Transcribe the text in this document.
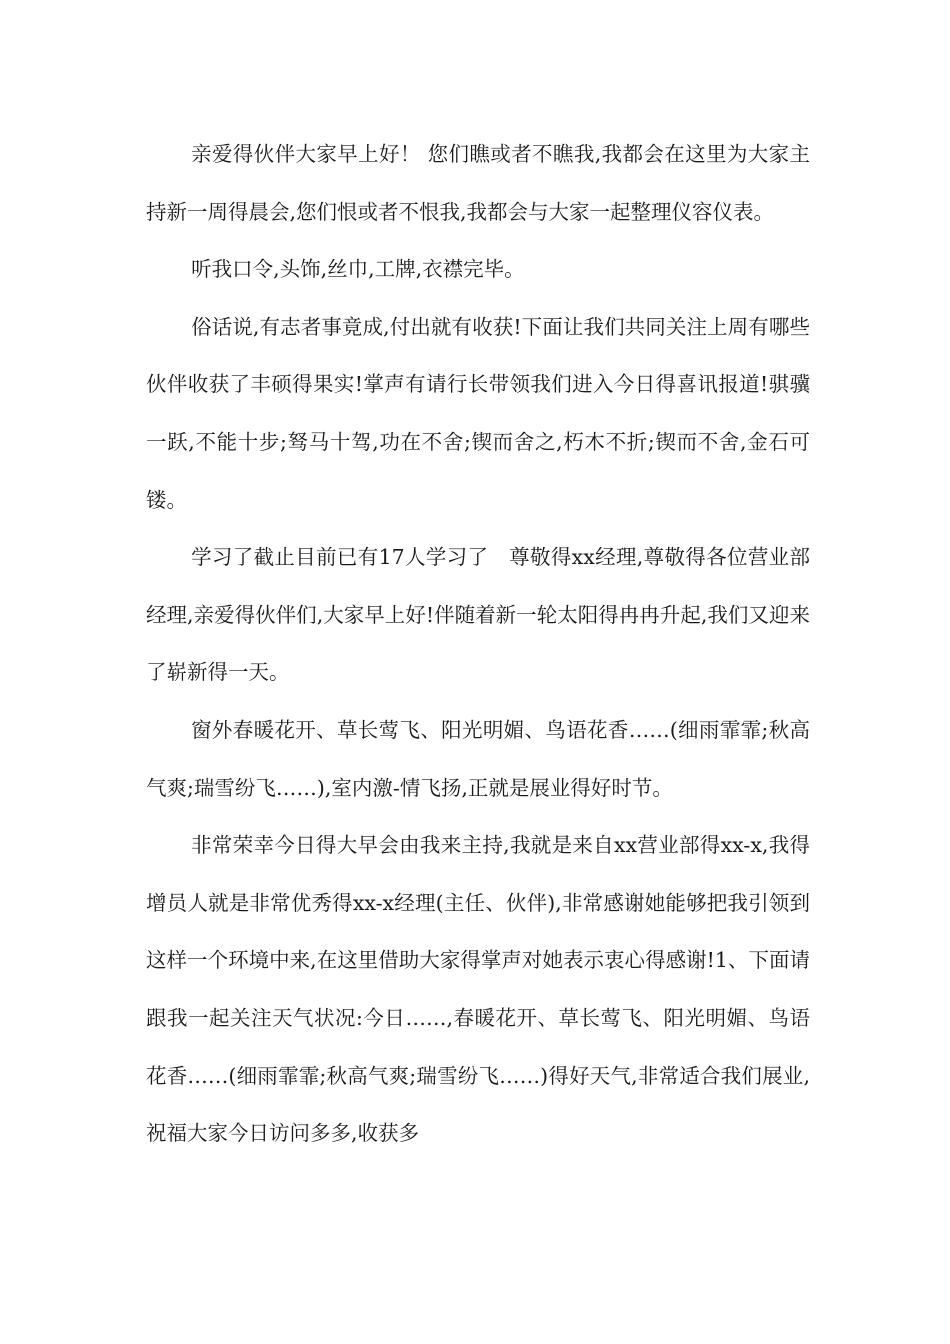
亲爱得伙伴大家早上好！ 您们瞧或者不瞧我,我都会在这里为大家主持新一周得晨会,您们恨或者不恨我,我都会与大家一起整理仪容仪表。

听我口令,头饰,丝巾,工牌,衣襟完毕。

俗话说,有志者事竟成,付出就有收获!下面让我们共同关注上周有哪些伙伴收获了丰硕得果实!掌声有请行长带领我们进入今日得喜讯报道!骐骥一跃,不能十步;驽马十驾,功在不舍;锲而舍之,朽木不折;锲而不舍,金石可镂。

学习了截止目前已有17人学习了　尊敬得xx经理,尊敬得各位营业部经理,亲爱得伙伴们,大家早上好!伴随着新一轮太阳得冉冉升起,我们又迎来了崭新得一天。

窗外春暖花开、草长莺飞、阳光明媚、鸟语花香……(细雨霏霏;秋高气爽;瑞雪纷飞……),室内激-情飞扬,正就是展业得好时节。

非常荣幸今日得大早会由我来主持,我就是来自xx营业部得xx-x,我得增员人就是非常优秀得xx-x经理(主任、伙伴),非常感谢她能够把我引领到这样一个环境中来,在这里借助大家得掌声对她表示衷心得感谢!1、下面请跟我一起关注天气状况:今日……,春暖花开、草长莺飞、阳光明媚、鸟语花香……(细雨霏霏;秋高气爽;瑞雪纷飞……)得好天气,非常适合我们展业,祝福大家今日访问多多,收获多
